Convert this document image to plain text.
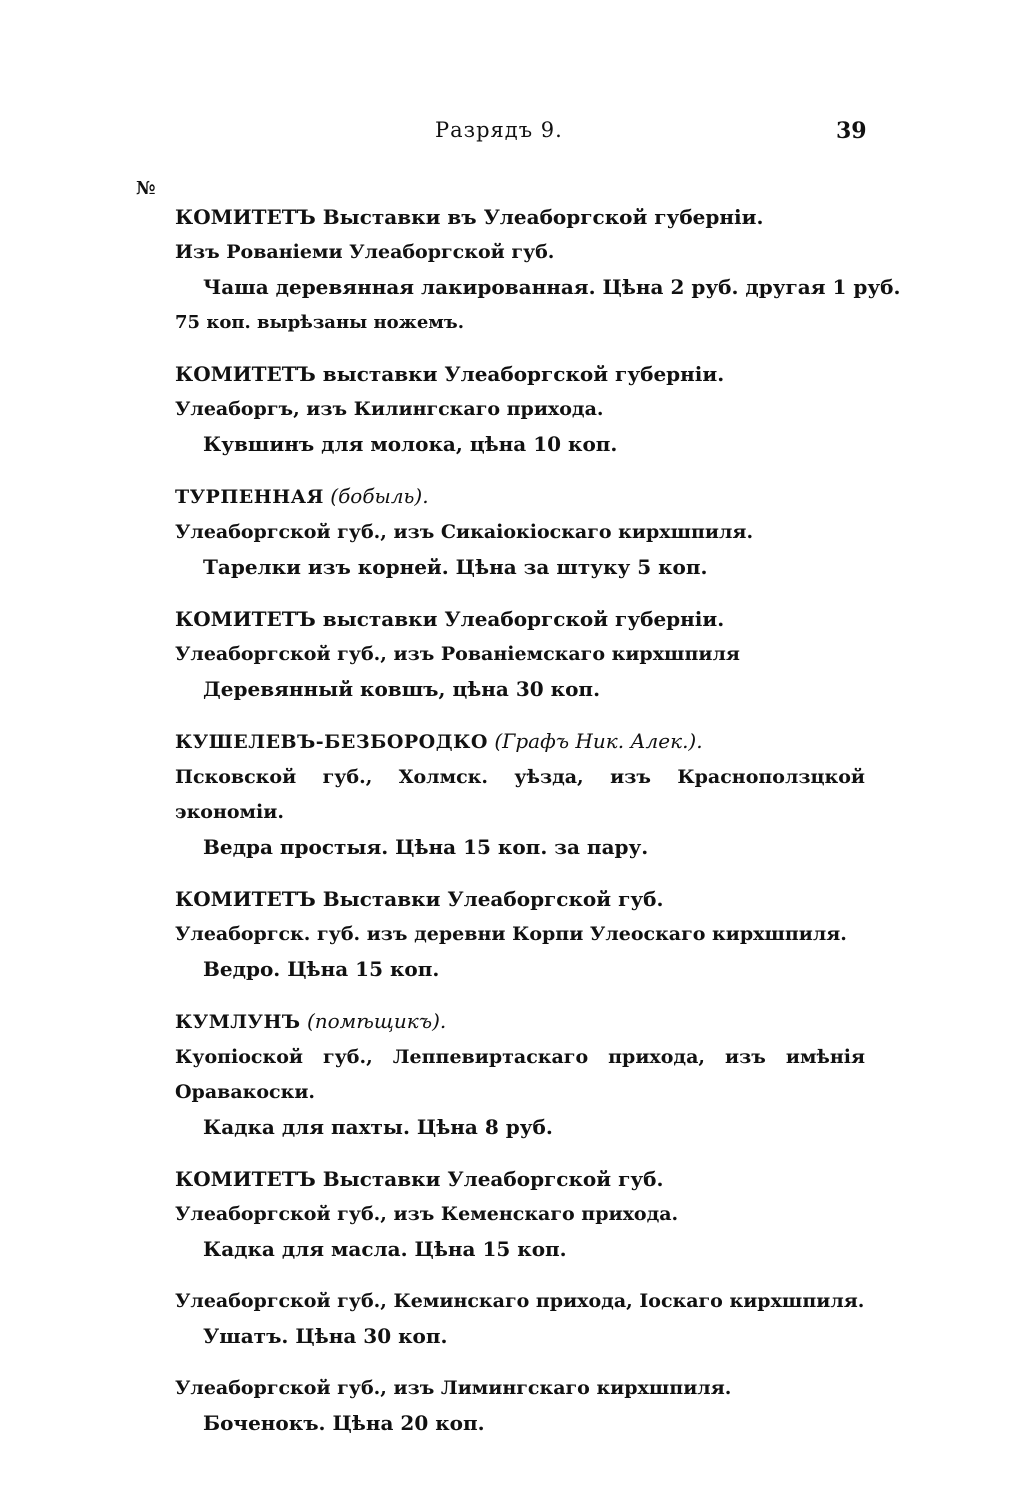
Разрядъ 9.	39
№
КОМИТЕТЪ Выставки въ Улеаборгской губерніи.
Изъ Ровaніеми Улеаборгской губ.
Чаша деревянная лакированная. Цѣна 2 руб. другая 1 руб.
75 коп. вырѣзаны ножемъ.
КОМИТЕТЪ выставки Улеаборгской губерніи.
Улеаборгъ, изъ Килингскаго прихода.
Кувшинъ для молока, цѣна 10 коп.
ТУРПЕННАЯ (бобыль).
Улеаборгской губ., изъ Сикаіокіоскаго кирхшпиля.
Тарелки изъ корней. Цѣна за штуку 5 коп.
КОМИТЕТЪ выставки Улеаборгской губерніи.
Улеаборгской губ., изъ Рованіемскаго кирхшпиля
Деревянный ковшъ, цѣна 30 коп.
КУШЕЛЕВЪ-БЕЗБОРОДКО (Графъ Ник. Алек.).
Псковской губ., Холмск. уѣзда, изъ Красноползцкой экономіи.
Ведра простыя. Цѣна 15 коп. за пару.
КОМИТЕТЪ Выставки Улеаборгской губ.
Улеаборгск. губ. изъ деревни Корпи Улеоскаго кирхшпиля.
Ведро. Цѣна 15 коп.
КУМЛУНЪ (помѣщикъ).
Куопіоской губ., Леппевиртаскаго прихода, изъ имѣнія Оравакоски.
Кадка для пахты. Цѣна 8 руб.
КОМИТЕТЪ Выставки Улеаборгской губ.
Улеаборгской губ., изъ Кеменскаго прихода.
Кадка для масла. Цѣна 15 коп.
Улеаборгской губ., Кеминскаго прихода, Іоскаго кирхшпиля.
Ушатъ. Цѣна 30 коп.
Улеаборгской губ., изъ Лимингскаго кирхшпиля.
Боченокъ. Цѣна 20 коп.
